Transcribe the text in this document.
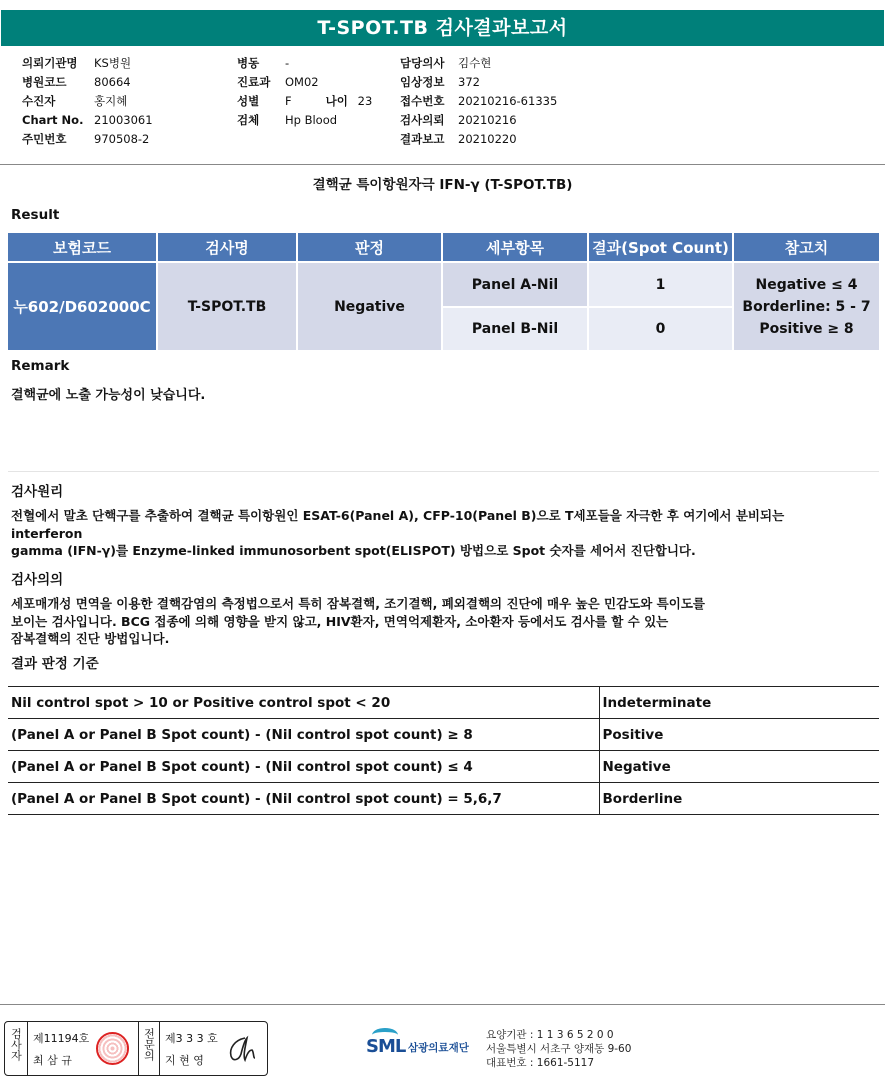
T-SPOT.TB 검사결과보고서
의뢰기관명	KS병원
병원코드	80664
수진자	홍지혜
Chart No. 21003061
주민번호	970508-2
병동	-
진료과	OM02
성별	F	나이 23
검체	Hp Blood
담당의사	김수현
임상정보	372
접수번호	20210216-61335
검사의뢰	20210216
결과보고	20210220
결핵균 특이항원자극 IFN-γ (T-SPOT.TB)
Result
보험코드	검사명	판정	세부항목	결과(Spot Count)	참고치
누602/D602000C	T-SPOT.TB	Negative
Panel A-Nil	1
Panel B-Nil	0
Negative ≤ 4
Borderline: 5 - 7
Positive ≥ 8
Remark
결핵균에 노출 가능성이 낮습니다.
검사원리
전혈에서 말초 단핵구를 추출하여 결핵균 특이항원인 ESAT-6(Panel A), CFP-10(Panel B)으로 T세포들을 자극한 후 여기에서 분비되는
interferon
gamma (IFN-γ)를 Enzyme-linked immunosorbent spot(ELISPOT) 방법으로 Spot 숫자를 세어서 진단합니다.
검사의의
세포매개성 면역을 이용한 결핵감염의 측정법으로서 특히 잠복결핵, 조기결핵, 폐외결핵의 진단에 매우 높은 민감도와 특이도를
보이는 검사입니다. BCG 접종에 의해 영향을 받지 않고, HIV환자, 면역억제환자, 소아환자 등에서도 검사를 할 수 있는
잠복결핵의 진단 방법입니다.
결과 판정 기준
Nil control spot > 10 or Positive control spot < 20	Indeterminate
(Panel A or Panel B Spot count) - (Nil control spot count) ≥ 8	Positive
(Panel A or Panel B Spot count) - (Nil control spot count) ≤ 4	Negative
(Panel A or Panel B Spot count) - (Nil control spot count) = 5,6,7	Borderline
검사자 제11194호
최 삼 규	전문의 제3 3 3 호
지 현 영
SML 삼광의료재단
요양기관 : 1 1 3 6 5 2 0 0
서울특별시 서초구 양재동 9-60
대표번호 : 1661-5117
